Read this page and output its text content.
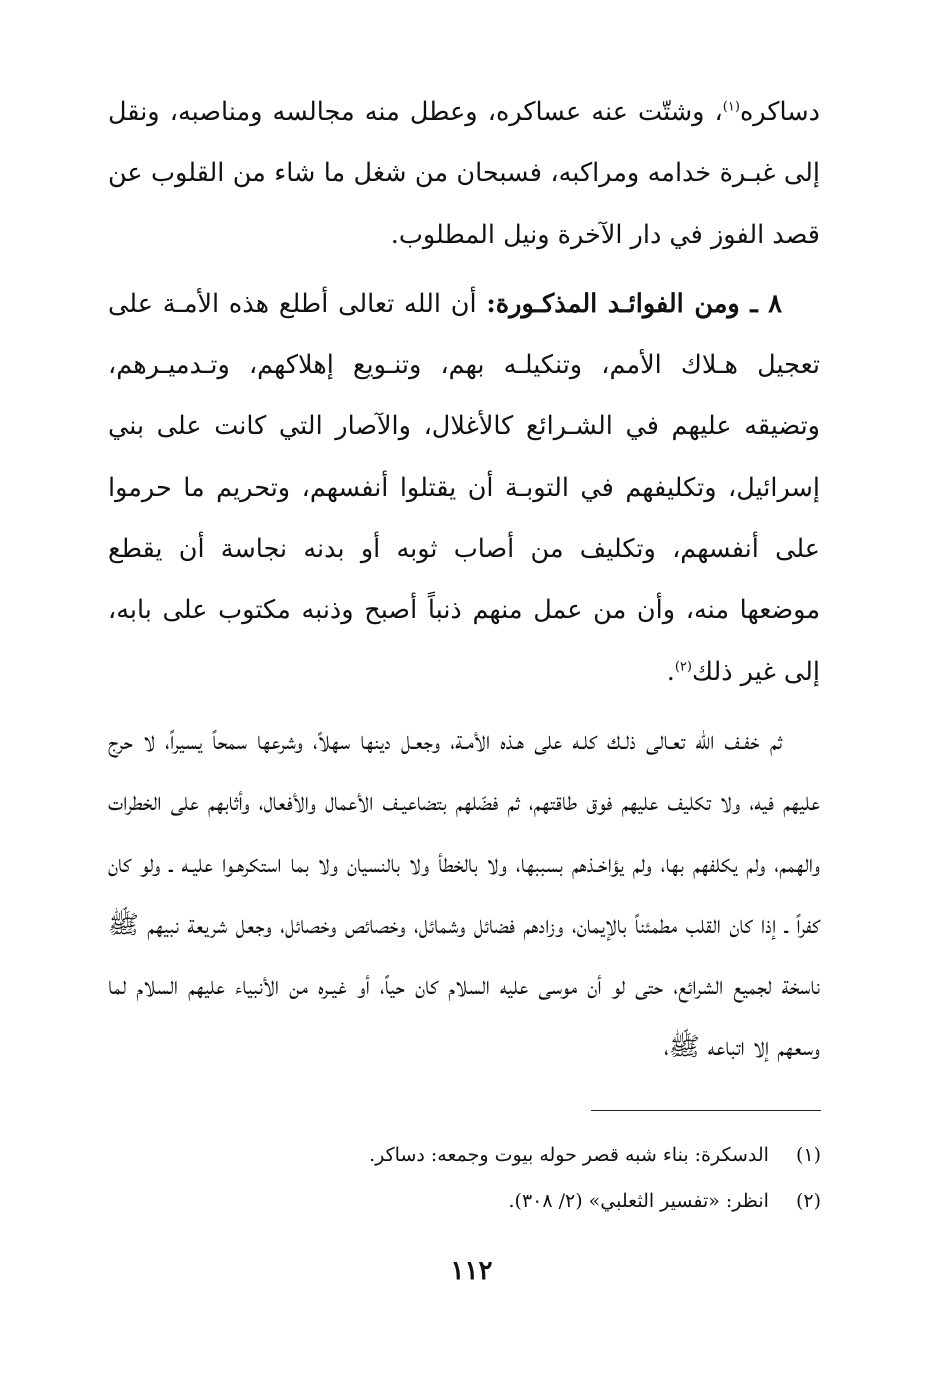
دساكره$^{(١)}$، وشتّت عنه عساكره، وعطل منه مجالسه ومناصبه، ونقل إلى غبـرة خدامه ومراكبه، فسبحان من شغل ما شاء من القلوب عن قصد الفوز في دار الآخرة ونيل المطلوب.

٨ ـ ومن الفوائـد المذكـورة: أن الله تعالى أطلع هذه الأمـة على تعجيل هـلاك الأمم، وتنكيلـه بهم، وتنـويع إهلاكهم، وتـدميـرهم، وتضيقه عليهم في الشـرائع كالأغلال، والآصار التي كانت على بني إسرائيل، وتكليفهم في التوبـة أن يقتلوا أنفسهم، وتحريم ما حرموا على أنفسهم، وتكليف من أصاب ثوبه أو بدنه نجاسة أن يقطع موضعها منه، وأن من عمل منهم ذنباً أصبح وذنبه مكتوب على بابه، إلى غير ذلك$^{(٢)}$.

ثم خفـف الله تعـالى ذلـك كلـه على هـذه الأمـة، وجعـل دينها سهلاً، وشرعها سمحاً يسيراً، لا حرج عليهم فيه، ولا تكليف عليهم فوق طاقتهم، ثم فضّلهم بتضاعيـف الأعمال والأفعال، وأثابهم على الخطرات والهمم، ولم يكلفهم بها، ولم يؤاخـذهم بسببها، ولا بالخطأ ولا بالنسيان ولا بما استكرهـوا عليـه ـ ولو كان كفراً ـ إذا كان القلب مطمئناً بالإيمان، وزادهم فضائل وشمائل، وخصائص وخصائل، وجعل شريعة نبيهم ﷺ ناسخة لجميع الشرائع، حتى لو أن موسى عليه السلام كان حياً، أو غيـره من الأنبياء عليهم السلام لما وسعهم إلا اتباعه ﷺ،

(١) الدسكرة: بناء شبه قصر حوله بيوت وجمعه: دساكر.
(٢) انظر: «تفسير الثعلبي» (٢/ ٣٠٨).
١١٢
